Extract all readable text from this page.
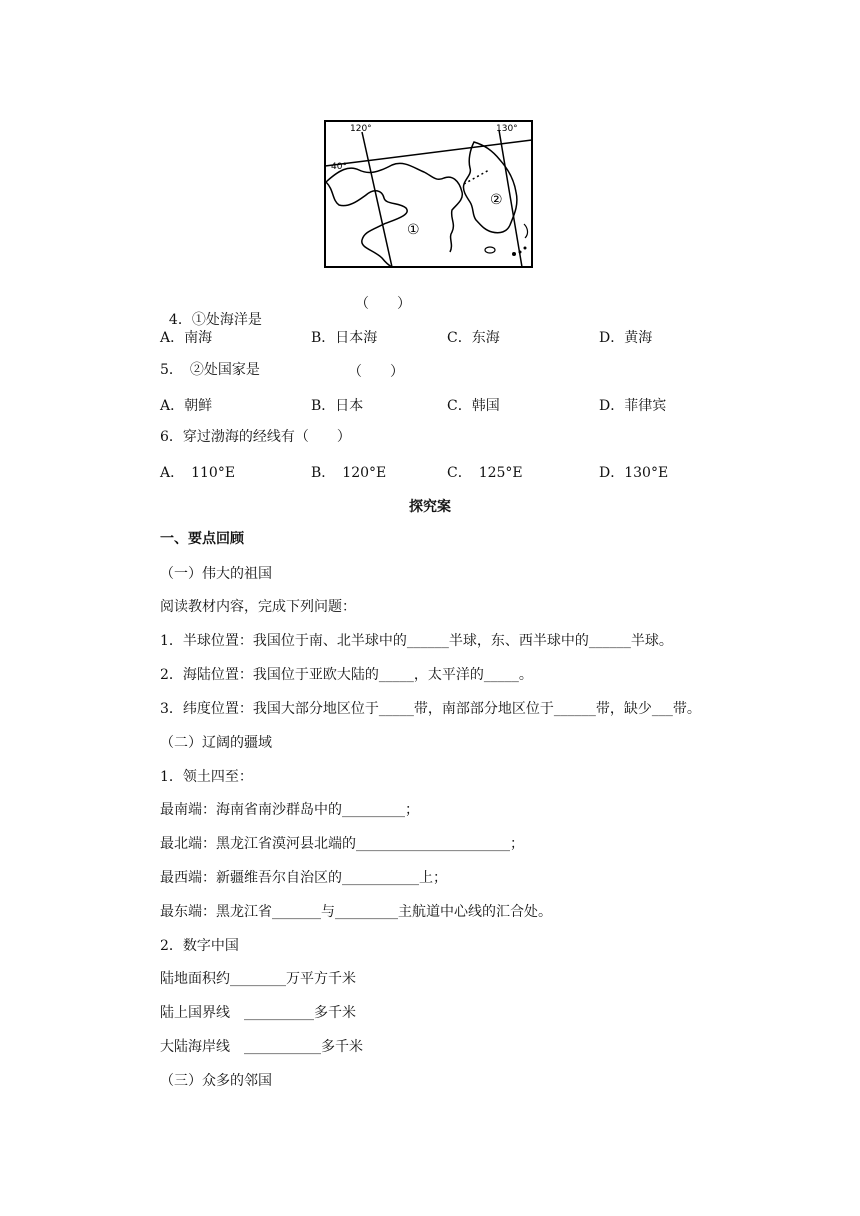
120°	130°
40°
①
②

4．①处海洋是

（　　）
A．南海	B．日本海	C．东海	D．黄海
5．　②处国家是	（　　）
A．朝鲜	B．日本	C．韩国	D．菲律宾
6．穿过渤海的经线有（　　）
A．　110°E	B．　120°E	C．　125°E	D．130°E
探究案
一、要点回顾
（一）伟大的祖国
阅读教材内容，完成下列问题：
1．半球位置：我国位于南、北半球中的______半球，东、西半球中的______半球。
2．海陆位置：我国位于亚欧大陆的_____，太平洋的_____。
3．纬度位置：我国大部分地区位于_____带，南部部分地区位于______带，缺少___带。
（二）辽阔的疆域
1．领土四至：
最南端：海南省南沙群岛中的_________；
最北端：黑龙江省漠河县北端的______________________；
最西端：新疆维吾尔自治区的___________上；
最东端：黑龙江省_______与_________主航道中心线的汇合处。
2．数字中国
陆地面积约________万平方千米
陆上国界线　__________多千米
大陆海岸线　___________多千米
（三）众多的邻国
